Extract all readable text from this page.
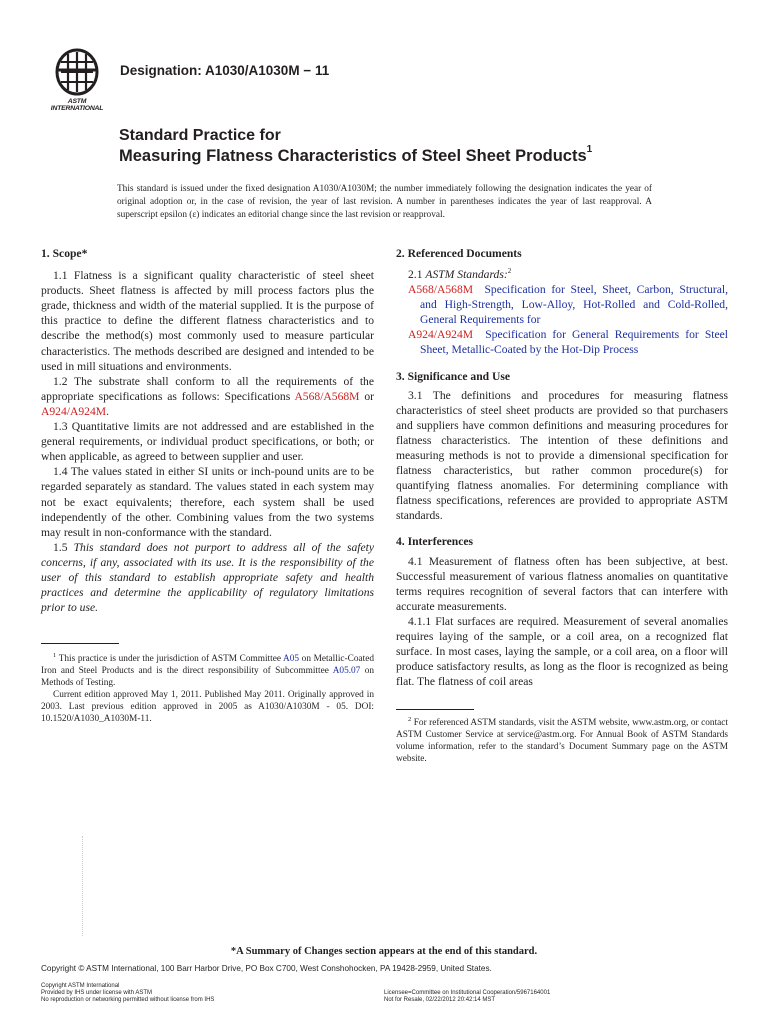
ASTM INTERNATIONAL
Designation: A1030/A1030M − 11
Standard Practice for
Measuring Flatness Characteristics of Steel Sheet Products$^1$
This standard is issued under the fixed designation A1030/A1030M; the number immediately following the designation indicates the year of original adoption or, in the case of revision, the year of last revision. A number in parentheses indicates the year of last reapproval. A superscript epsilon (ε) indicates an editorial change since the last revision or reapproval.

1. Scope*

1.1 Flatness is a significant quality characteristic of steel sheet products. Sheet flatness is affected by mill process factors plus the grade, thickness and width of the material supplied. It is the purpose of this practice to define the different flatness characteristics and to describe the method(s) most commonly used to measure particular characteristics. The methods described are designed and intended to be used in mill situations and environments.

1.2 The substrate shall conform to all the requirements of the appropriate specifications as follows: Specifications A568/A568M or A924/A924M.

1.3 Quantitative limits are not addressed and are established in the general requirements, or individual product specifications, or both; or when applicable, as agreed to between supplier and user.

1.4 The values stated in either SI units or inch-pound units are to be regarded separately as standard. The values stated in each system may not be exact equivalents; therefore, each system shall be used independently of the other. Combining values from the two systems may result in non-conformance with the standard.

1.5 This standard does not purport to address all of the safety concerns, if any, associated with its use. It is the responsibility of the user of this standard to establish appropriate safety and health practices and determine the applicability of regulatory limitations prior to use.

$^1$ This practice is under the jurisdiction of ASTM Committee A05 on Metallic-Coated Iron and Steel Products and is the direct responsibility of Subcommittee A05.07 on Methods of Testing.
Current edition approved May 1, 2011. Published May 2011. Originally approved in 2003. Last previous edition approved in 2005 as A1030/A1030M - 05. DOI: 10.1520/A1030_A1030M-11.

2. Referenced Documents

2.1 ASTM Standards:$^2$

A568/A568M Specification for Steel, Sheet, Carbon, Structural, and High-Strength, Low-Alloy, Hot-Rolled and Cold-Rolled, General Requirements for

A924/A924M Specification for General Requirements for Steel Sheet, Metallic-Coated by the Hot-Dip Process

3. Significance and Use

3.1 The definitions and procedures for measuring flatness characteristics of steel sheet products are provided so that purchasers and suppliers have common definitions and measuring procedures for flatness characteristics. The intention of these definitions and measuring methods is not to provide a dimensional specification for flatness characteristics, but rather common procedure(s) for quantifying flatness anomalies. For determining compliance with flatness specifications, references are provided to appropriate ASTM standards.

4. Interferences

4.1 Measurement of flatness often has been subjective, at best. Successful measurement of various flatness anomalies on quantitative terms requires recognition of several factors that can interfere with accurate measurements.

4.1.1 Flat surfaces are required. Measurement of several anomalies requires laying of the sample, or a coil area, on a recognized flat surface. In most cases, laying the sample, or a coil area, on a floor will produce satisfactory results, as long as the floor is recognized as being flat. The flatness of coil areas

$^2$ For referenced ASTM standards, visit the ASTM website, www.astm.org, or contact ASTM Customer Service at service@astm.org. For Annual Book of ASTM Standards volume information, refer to the standard’s Document Summary page on the ASTM website.
*A Summary of Changes section appears at the end of this standard.
Copyright © ASTM International, 100 Barr Harbor Drive, PO Box C700, West Conshohocken, PA 19428-2959, United States.
Copyright ASTM International
Provided by IHS under license with ASTM
No reproduction or networking permitted without license from IHS
Licensee=Committee on Institutional Cooperation/5967164001
Not for Resale, 02/22/2012 20:42:14 MST
